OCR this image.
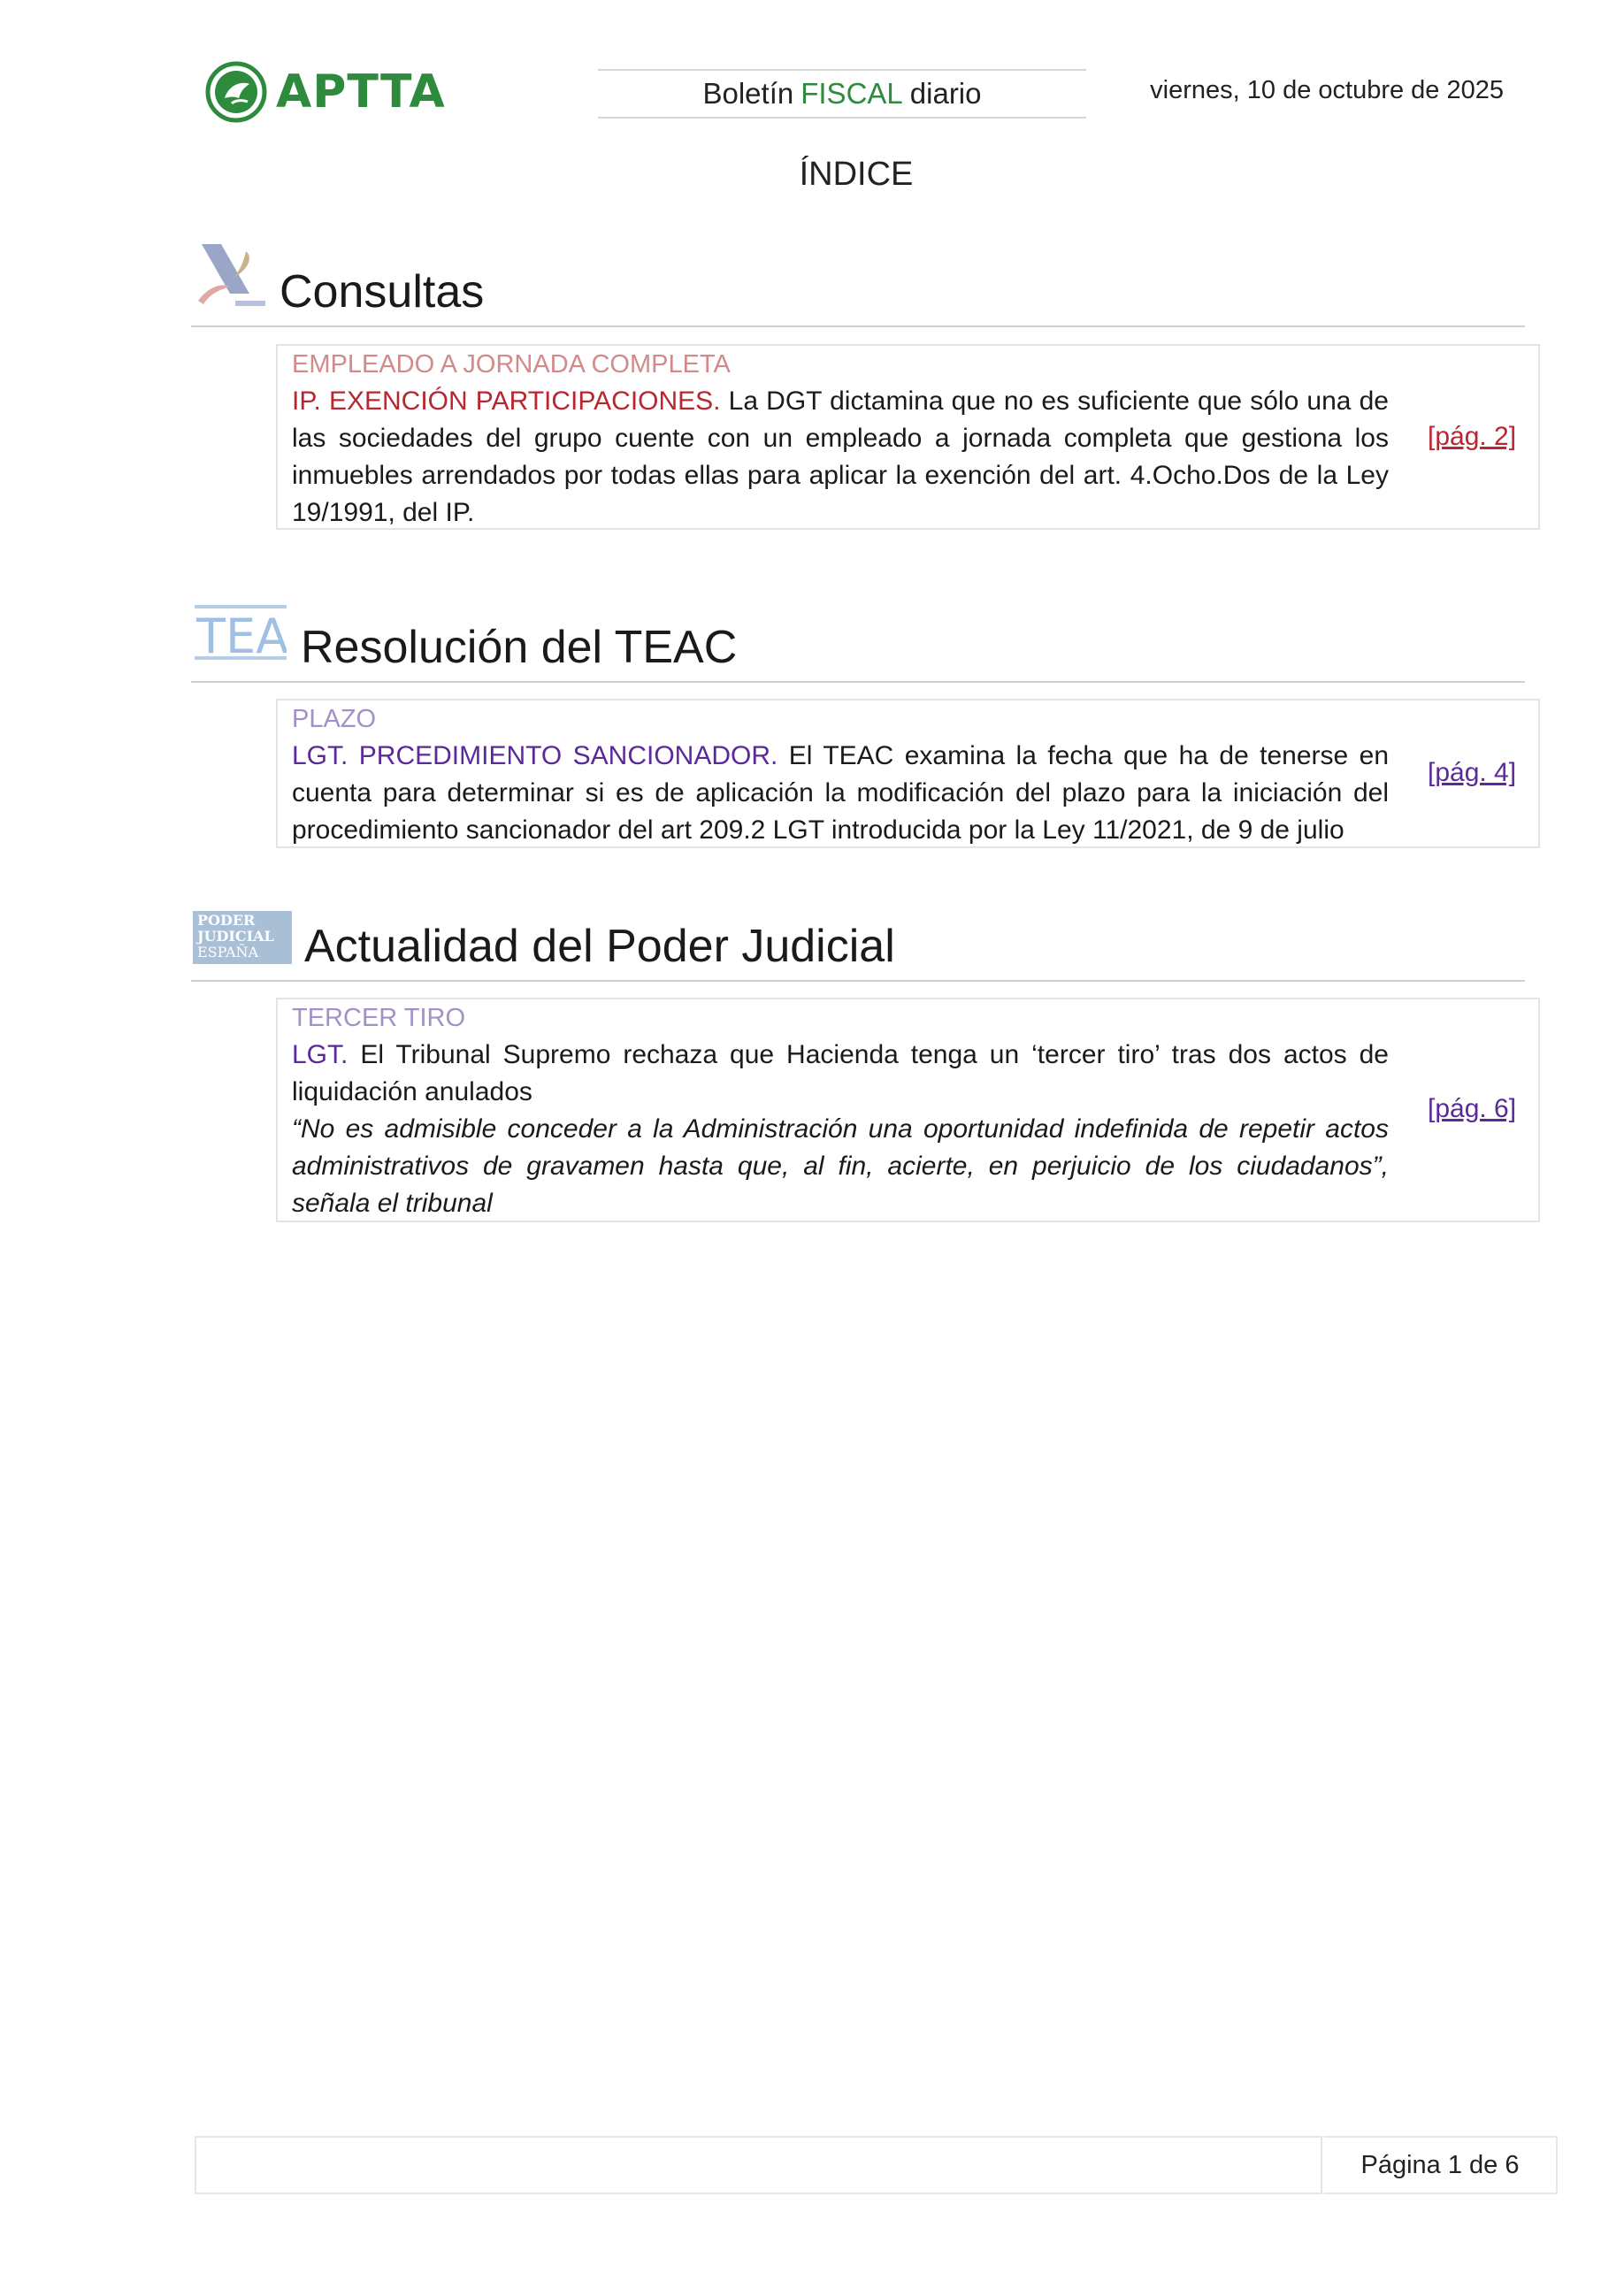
APTTA	Boletín FISCAL diario	viernes, 10 de octubre de 2025
ÍNDICE
Consultas
EMPLEADO A JORNADA COMPLETA
IP. EXENCIÓN PARTICIPACIONES. La DGT dictamina que no es suficiente que sólo una de las sociedades del grupo cuente con un empleado a jornada completa que gestiona los inmuebles arrendados por todas ellas para aplicar la exención del art. 4.Ocho.Dos de la Ley 19/1991, del IP.
[pág. 2]
TEA Resolución del TEAC
PLAZO
LGT. PRCEDIMIENTO SANCIONADOR. El TEAC examina la fecha que ha de tenerse en cuenta para determinar si es de aplicación la modificación del plazo para la iniciación del procedimiento sancionador del art 209.2 LGT introducida por la Ley 11/2021, de 9 de julio
[pág. 4]
PODER
JUDICIAL
ESPAÑA Actualidad del Poder Judicial
TERCER TIRO
LGT. El Tribunal Supremo rechaza que Hacienda tenga un ‘tercer tiro’ tras dos actos de liquidación anulados
“No es admisible conceder a la Administración una oportunidad indefinida de repetir actos administrativos de gravamen hasta que, al fin, acierte, en perjuicio de los ciudadanos”, señala el tribunal
[pág. 6]
Página 1 de 6
